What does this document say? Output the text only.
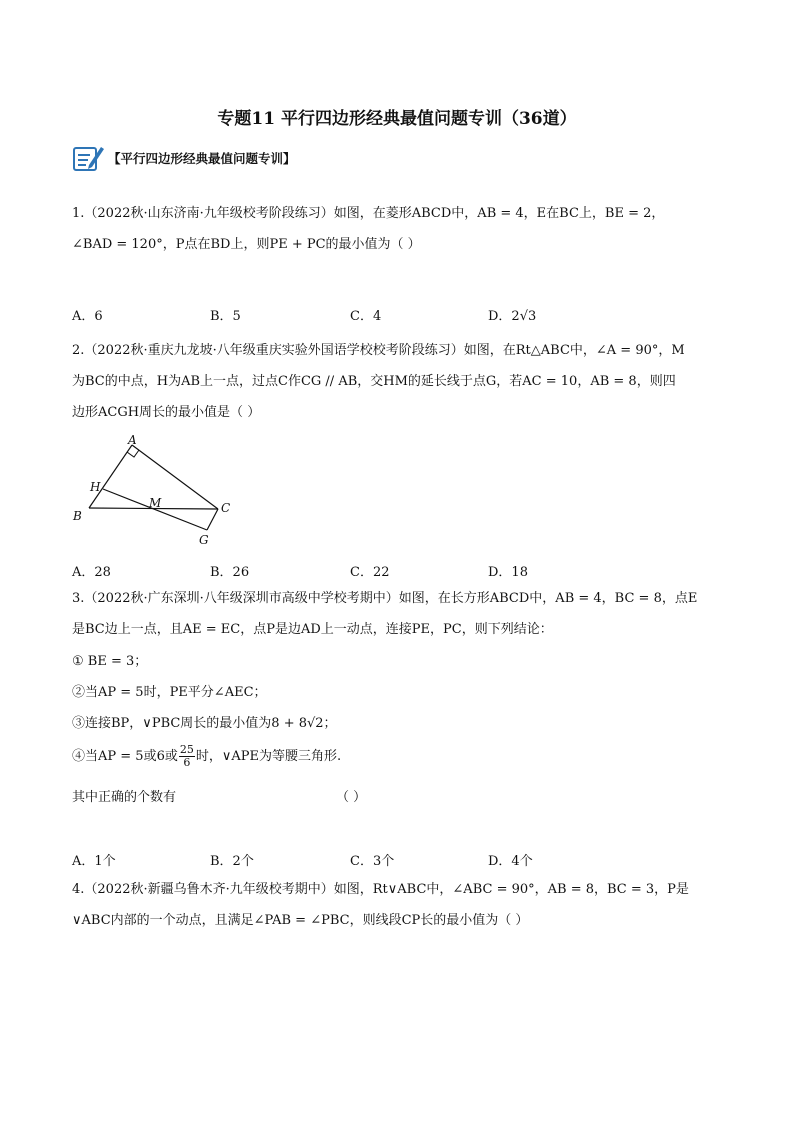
专题11 平行四边形经典最值问题专训（36道）
【平行四边形经典最值问题专训】
1.（2022秋·山东济南·九年级校考阶段练习）如图，在菱形ABCD中，AB = 4，E在BC上，BE = 2，
∠BAD = 120°，P点在BD上，则PE + PC的最小值为（ ）
A．6	B．5	C．4	D．2√3
2.（2022秋·重庆九龙坡·八年级重庆实验外国语学校校考阶段练习）如图，在Rt△ABC中，∠A = 90°，M
为BC的中点，H为AB上一点，过点C作CG // AB，交HM的延长线于点G，若AC = 10，AB = 8，则四
边形ACGH周长的最小值是（ ）
A
H
B
M	C
G
A．28	B．26	C．22	D．18
3.（2022秋·广东深圳·八年级深圳市高级中学校考期中）如图，在长方形ABCD中，AB = 4，BC = 8，点E
是BC边上一点，且AE = EC，点P是边AD上一动点，连接PE，PC，则下列结论：
① BE = 3；
②当AP = 5时，PE平分∠AEC；
③连接BP，∨PBC周长的最小值为8 + 8√2；
④当AP = 5或6或 $\frac{25}{6}$ 时，∨APE为等腰三角形.
其中正确的个数有	（ ）
A．1个	B．2个	C．3个	D．4个
4.（2022秋·新疆乌鲁木齐·九年级校考期中）如图，Rt∨ABC中，∠ABC = 90°，AB = 8，BC = 3，P是
∨ABC内部的一个动点，且满足∠PAB = ∠PBC，则线段CP长的最小值为（ ）
